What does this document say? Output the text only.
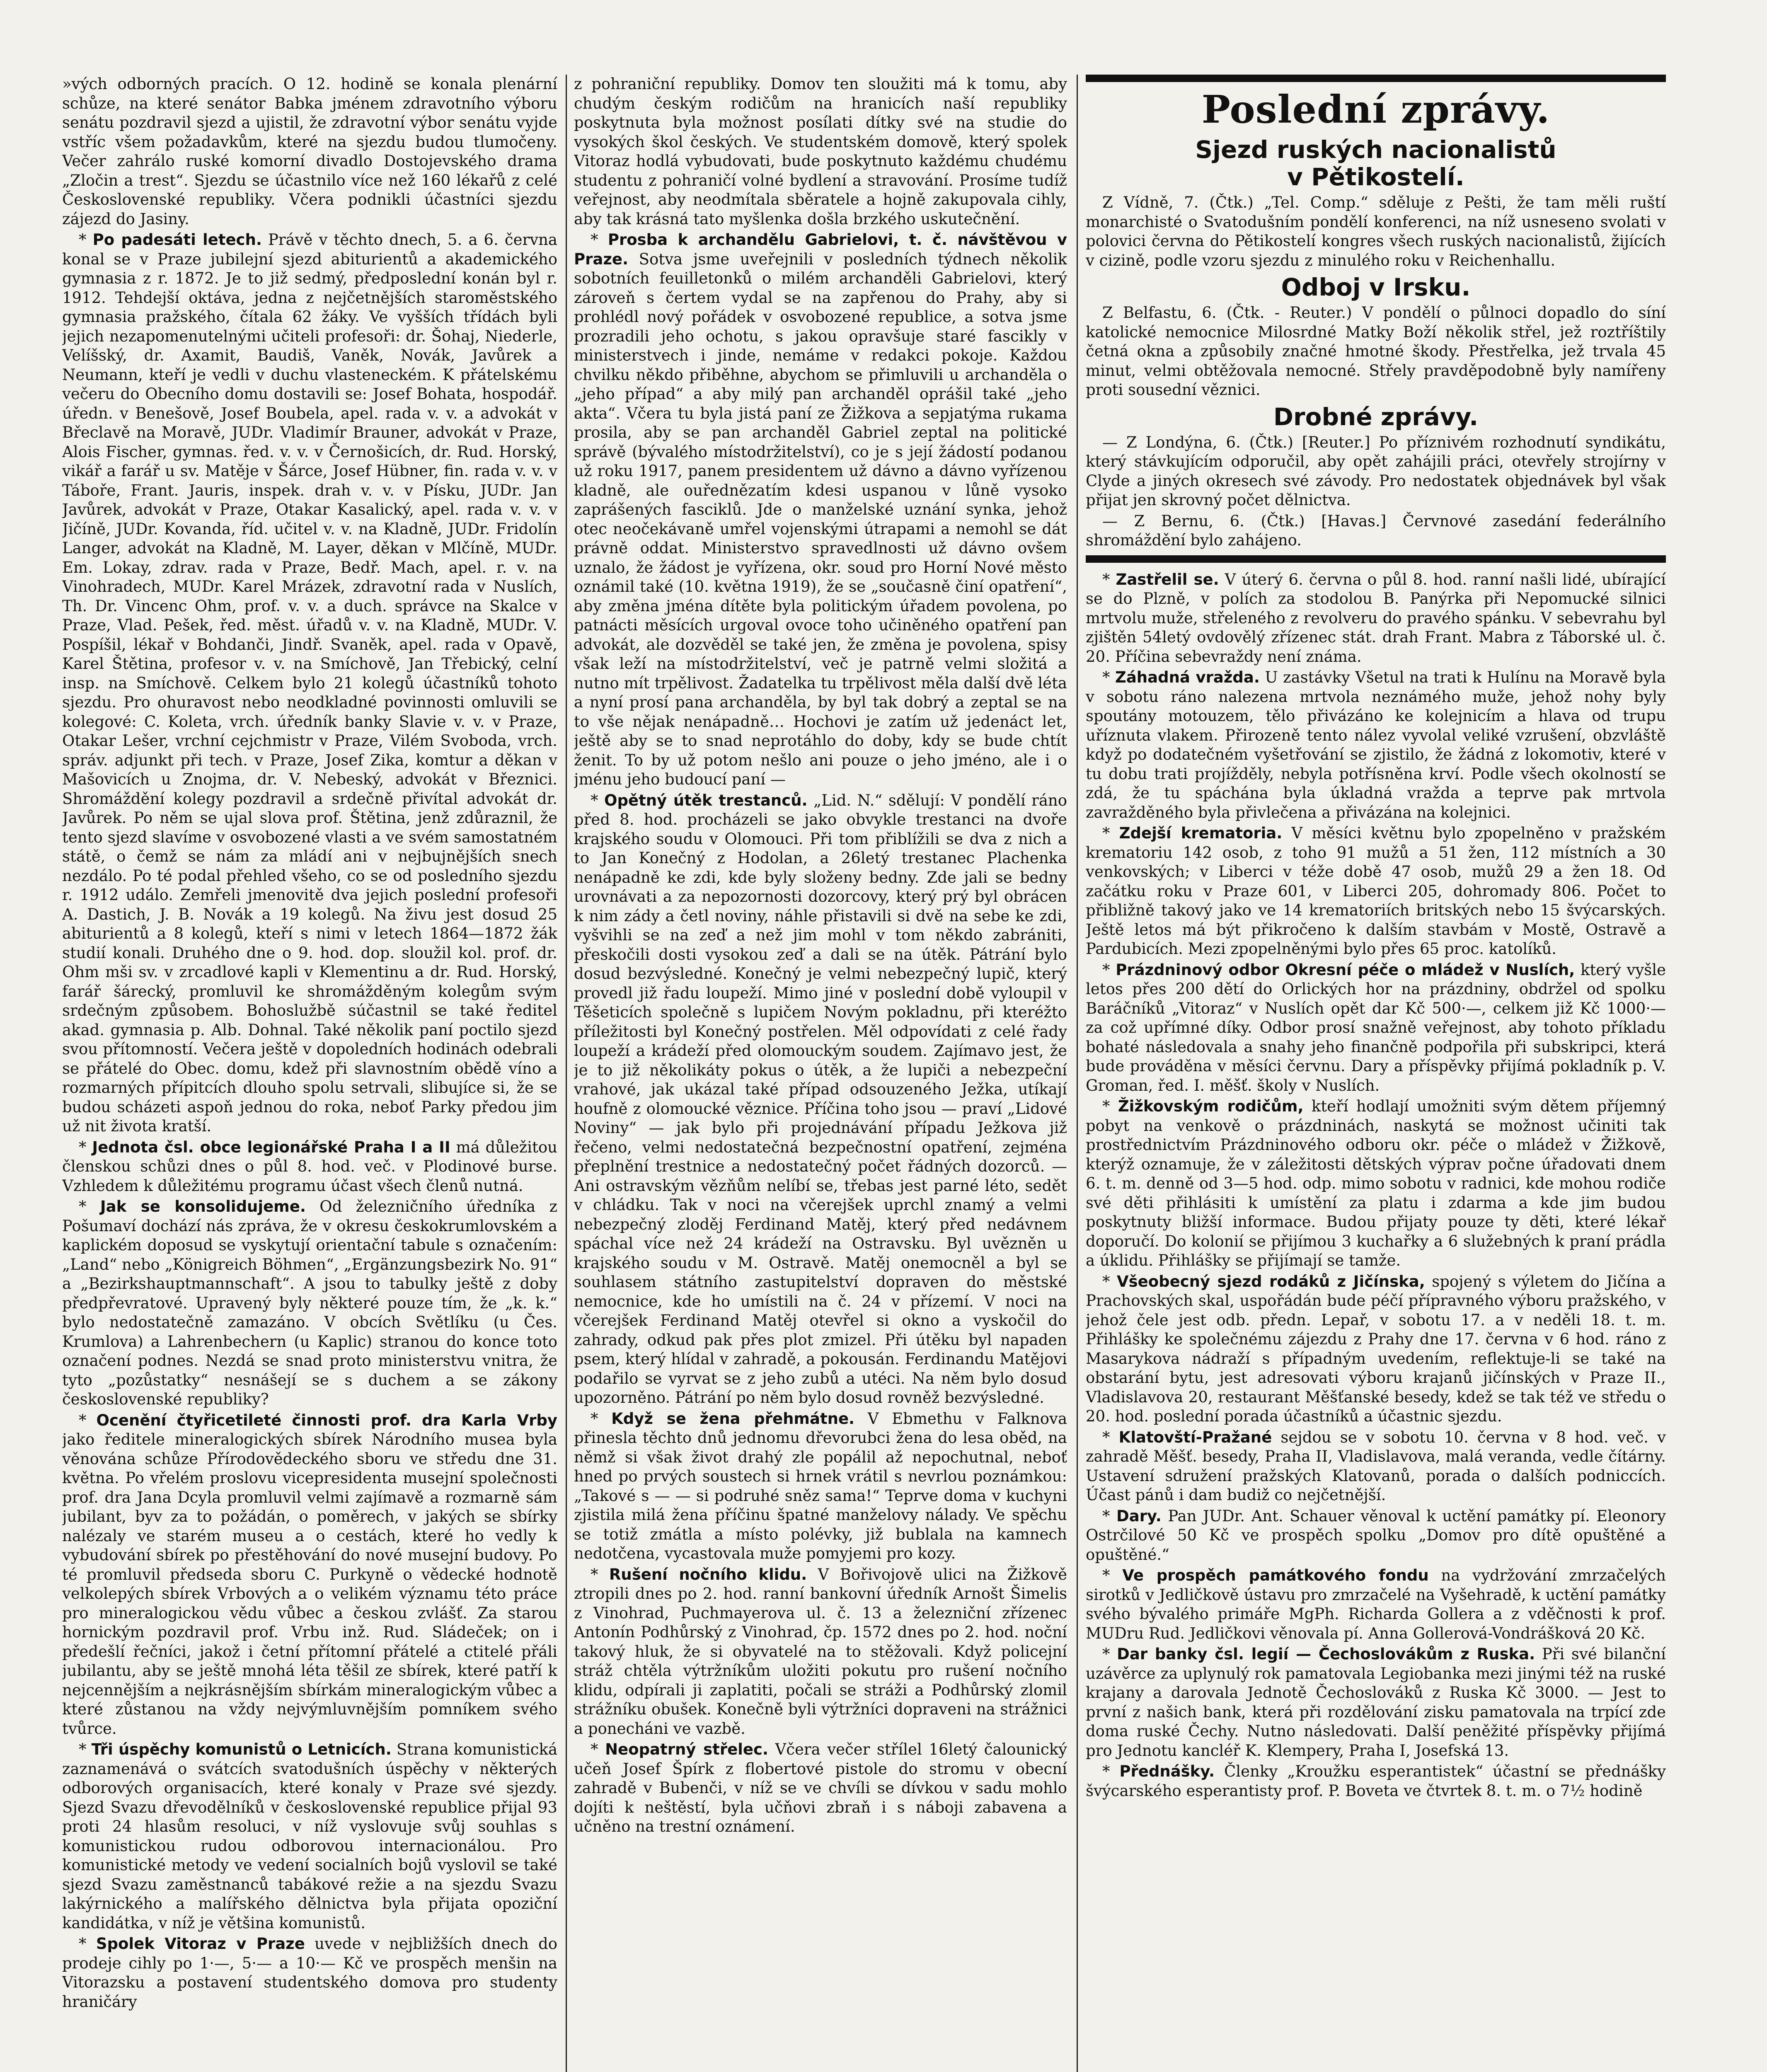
»vých odborných pracích. O 12. hodině se konala plenární schůze, na které senátor Babka jménem zdravotního výboru senátu pozdravil sjezd a ujistil, že zdravotní výbor senátu vyjde vstříc všem požadavkům, které na sjezdu budou tlumočeny. Večer zahrálo ruské komorní divadlo Dostojevského drama „Zločin a trest“. Sjezdu se účastnilo více než 160 lékařů z celé Československé republiky. Včera podnikli účastníci sjezdu zájezd do Jasiny.

* Po padesáti letech. Právě v těchto dnech, 5. a 6. června konal se v Praze jubilejní sjezd abiturientů a akademického gymnasia z r. 1872. Je to již sedmý, předposlední konán byl r. 1912. Tehdejší oktáva, jedna z nejčetnějších staroměstského gymnasia pražského, čítala 62 žáky. Ve vyšších třídách byli jejich nezapomenutelnými učiteli profesoři: dr. Šohaj, Niederle, Velíšský, dr. Axamit, Baudiš, Vaněk, Novák, Javůrek a Neumann, kteří je vedli v duchu vlasteneckém. K přátelskému večeru do Obecního domu dostavili se: Josef Bohata, hospodář. úředn. v Benešově, Josef Boubela, apel. rada v. v. a advokát v Břeclavě na Moravě, JUDr. Vladimír Brauner, advokát v Praze, Alois Fischer, gymnas. řed. v. v. v Černošicích, dr. Rud. Horský, vikář a farář u sv. Matěje v Šárce, Josef Hübner, fin. rada v. v. v Táboře, Frant. Jauris, inspek. drah v. v. v Písku, JUDr. Jan Javůrek, advokát v Praze, Otakar Kasalický, apel. rada v. v. v Jičíně, JUDr. Kovanda, říd. učitel v. v. na Kladně, JUDr. Fridolín Langer, advokát na Kladně, M. Layer, děkan v Mlčíně, MUDr. Em. Lokay, zdrav. rada v Praze, Bedř. Mach, apel. r. v. na Vinohradech, MUDr. Karel Mrázek, zdravotní rada v Nuslích, Th. Dr. Vincenc Ohm, prof. v. v. a duch. správce na Skalce v Praze, Vlad. Pešek, řed. měst. úřadů v. v. na Kladně, MUDr. V. Pospíšil, lékař v Bohdanči, Jindř. Svaněk, apel. rada v Opavě, Karel Štětina, profesor v. v. na Smíchově, Jan Třebický, celní insp. na Smíchově. Celkem bylo 21 kolegů účastníků tohoto sjezdu. Pro ohuravost nebo neodkladné povinnosti omluvili se kolegové: C. Koleta, vrch. úředník banky Slavie v. v. v Praze, Otakar Lešer, vrchní cejchmistr v Praze, Vilém Svoboda, vrch. správ. adjunkt při tech. v Praze, Josef Zika, komtur a děkan v Mašovicích u Znojma, dr. V. Nebeský, advokát v Březnici. Shromáždění kolegy pozdravil a srdečně přivítal advokát dr. Javůrek. Po něm se ujal slova prof. Štětina, jenž zdůraznil, že tento sjezd slavíme v osvobozené vlasti a ve svém samostatném státě, o čemž se nám za mládí ani v nejbujnějších snech nezdálo. Po té podal přehled všeho, co se od posledního sjezdu r. 1912 událo. Zemřeli jmenovitě dva jejich poslední profesoři A. Dastich, J. B. Novák a 19 kolegů. Na živu jest dosud 25 abiturientů a 8 kolegů, kteří s nimi v letech 1864—1872 žák studií konali. Druhého dne o 9. hod. dop. sloužil kol. prof. dr. Ohm mši sv. v zrcadlové kapli v Klementinu a dr. Rud. Horský, farář šárecký, promluvil ke shromážděným kolegům svým srdečným způsobem. Bohoslužbě súčastnil se také ředitel akad. gymnasia p. Alb. Dohnal. Také několik paní poctilo sjezd svou přítomností. Večera ještě v dopoledních hodinách odebrali se přátelé do Obec. domu, kdež při slavnostním obědě víno a rozmarných přípitcích dlouho spolu setrvali, slibujíce si, že se budou scházeti aspoň jednou do roka, neboť Parky předou jim už nit života kratší.

* Jednota čsl. obce legionářské Praha I a II má důležitou členskou schůzi dnes o půl 8. hod. več. v Plodinové burse. Vzhledem k důležitému programu účast všech členů nutná.

* Jak se konsolidujeme. Od železničního úředníka z Pošumaví dochází nás zpráva, že v okresu českokrumlovském a kaplickém doposud se vyskytují orientační tabule s označením: „Land“ nebo „Königreich Böhmen“, „Ergänzungsbezirk No. 91“ a „Bezirkshauptmannschaft“. A jsou to tabulky ještě z doby předpřevratové. Upravený byly některé pouze tím, že „k. k.“ bylo nedostatečně zamazáno. V obcích Světlíku (u Čes. Krumlova) a Lahrenbechern (u Kaplic) stranou do konce toto označení podnes. Nezdá se snad proto ministerstvu vnitra, že tyto „pozůstatky“ nesnášejí se s duchem a se zákony československé republiky?

* Ocenění čtyřicetileté činnosti prof. dra Karla Vrby jako ředitele mineralogických sbírek Národního musea byla věnována schůze Přírodovědeckého sboru ve středu dne 31. května. Po vřelém proslovu vicepresidenta musejní společnosti prof. dra Jana Dcyla promluvil velmi zajímavě a rozmarně sám jubilant, byv za to požádán, o poměrech, v jakých se sbírky nalézaly ve starém museu a o cestách, které ho vedly k vybudování sbírek po přestěhování do nové musejní budovy. Po té promluvil předseda sboru C. Purkyně o vědecké hodnotě velkolepých sbírek Vrbových a o velikém významu této práce pro mineralogickou vědu vůbec a českou zvlášť. Za starou hornickým pozdravil prof. Vrbu inž. Rud. Sládeček; on i předešlí řečníci, jakož i četní přítomní přátelé a ctitelé přáli jubilantu, aby se ještě mnohá léta těšil ze sbírek, které patří k nejcennějším a nejkrásnějším sbírkám mineralogickým vůbec a které zůstanou na vždy nejvýmluvnějším pomníkem svého tvůrce.

* Tři úspěchy komunistů o Letnicích. Strana komunistická zaznamenává o svátcích svatodušních úspěchy v některých odborových organisacích, které konaly v Praze své sjezdy. Sjezd Svazu dřevodělníků v československé republice přijal 93 proti 24 hlasům resoluci, v níž vyslovuje svůj souhlas s komunistickou rudou odborovou internacionálou. Pro komunistické metody ve vedení socialních bojů vyslovil se také sjezd Svazu zaměstnanců tabákové režie a na sjezdu Svazu lakýrnického a malířského dělnictva byla přijata opoziční kandidátka, v níž je většina komunistů.

* Spolek Vitoraz v Praze uvede v nejbližších dnech do prodeje cihly po 1·—, 5·— a 10·— Kč ve prospěch menšin na Vitorazsku a postavení studentského domova pro studenty hraničáry

z pohraniční republiky. Domov ten sloužiti má k tomu, aby chudým českým rodičům na hranicích naší republiky poskytnuta byla možnost posílati dítky své na studie do vysokých škol českých. Ve studentském domově, který spolek Vitoraz hodlá vybudovati, bude poskytnuto každému chudému studentu z pohraničí volné bydlení a stravování. Prosíme tudíž veřejnost, aby neodmítala sběratele a hojně zakupovala cihly, aby tak krásná tato myšlenka došla brzkého uskutečnění.

* Prosba k archandělu Gabrielovi, t. č. návštěvou v Praze. Sotva jsme uveřejnili v posledních týdnech několik sobotních feuilletonků o milém archanděli Gabrielovi, který zároveň s čertem vydal se na zapřenou do Prahy, aby si prohlédl nový pořádek v osvobozené republice, a sotva jsme prozradili jeho ochotu, s jakou opravšuje staré fascikly v ministerstvech i jinde, nemáme v redakci pokoje. Každou chvilku někdo přiběhne, abychom se přimluvili u archanděla o „jeho případ“ a aby milý pan archanděl oprášil také „jeho akta“. Včera tu byla jistá paní ze Žižkova a sepjatýma rukama prosila, aby se pan archanděl Gabriel zeptal na politické správě (bývalého místodržitelství), co je s její žádostí podanou už roku 1917, panem presidentem už dávno a dávno vyřízenou kladně, ale ouřednězatím kdesi uspanou v lůně vysoko zaprášených fasciklů. Jde o manželské uznání synka, jehož otec neočekávaně umřel vojenskými útrapami a nemohl se dát právně oddat. Ministerstvo spravedlnosti už dávno ovšem uznalo, že žádost je vyřízena, okr. soud pro Horní Nové město oznámil také (10. května 1919), že se „současně činí opatření“, aby změna jména dítěte byla politickým úřadem povolena, po patnácti měsících urgoval ovoce toho učiněného opatření pan advokát, ale dozvěděl se také jen, že změna je povolena, spisy však leží na místodržitelství, več je patrně velmi složitá a nutno mít trpělivost. Žadatelka tu trpělivost měla další dvě léta a nyní prosí pana archanděla, by byl tak dobrý a zeptal se na to vše nějak nenápadně… Hochovi je zatím už jedenáct let, ještě aby se to snad neprotáhlo do doby, kdy se bude chtít ženit. To by už potom nešlo ani pouze o jeho jméno, ale i o jménu jeho budoucí paní —

* Opětný útěk trestanců. „Lid. N.“ sdělují: V pondělí ráno před 8. hod. procházeli se jako obvykle trestanci na dvoře krajského soudu v Olomouci. Při tom přiblížili se dva z nich a to Jan Konečný z Hodolan, a 26letý trestanec Plachenka nenápadně ke zdi, kde byly složeny bedny. Zde jali se bedny urovnávati a za nepozornosti dozorcovy, který prý byl obrácen k nim zády a četl noviny, náhle přistavili si dvě na sebe ke zdi, vyšvihli se na zeď a než jim mohl v tom někdo zabrániti, přeskočili dosti vysokou zeď a dali se na útěk. Pátrání bylo dosud bezvýsledné. Konečný je velmi nebezpečný lupič, který provedl již řadu loupeží. Mimo jiné v poslední době vyloupil v Těšeticích společně s lupičem Novým pokladnu, při kteréžto příležitosti byl Konečný postřelen. Měl odpovídati z celé řady loupeží a krádeží před olomouckým soudem. Zajímavo jest, že je to již několikáty pokus o útěk, a že lupiči a nebezpeční vrahové, jak ukázal také případ odsouzeného Ježka, utíkají houfně z olomoucké věznice. Příčina toho jsou — praví „Lidové Noviny“ — jak bylo při projednávání případu Ježkova již řečeno, velmi nedostatečná bezpečnostní opatření, zejména přeplnění trestnice a nedostatečný počet řádných dozorců. — Ani ostravským vězňům nelíbí se, třebas jest parné léto, sedět v chládku. Tak v noci na včerejšek uprchl znamý a velmi nebezpečný zloděj Ferdinand Matěj, který před nedávnem spáchal více než 24 krádeží na Ostravsku. Byl uvězněn u krajského soudu v M. Ostravě. Matěj onemocněl a byl se souhlasem státního zastupitelství dopraven do městské nemocnice, kde ho umístili na č. 24 v přízemí. V noci na včerejšek Ferdinand Matěj otevřel si okno a vyskočil do zahrady, odkud pak přes plot zmizel. Při útěku byl napaden psem, který hlídal v zahradě, a pokousán. Ferdinandu Matějovi podařilo se vyrvat se z jeho zubů a utéci. Na něm bylo dosud upozorněno. Pátrání po něm bylo dosud rovněž bezvýsledné.

* Když se žena přehmátne. V Ebmethu v Falknova přinesla těchto dnů jednomu dřevorubci žena do lesa oběd, na němž si však život drahý zle popálil až nepochutnal, neboť hned po prvých soustech si hrnek vrátil s nevrlou poznámkou: „Takové s — — si podruhé sněz sama!“ Teprve doma v kuchyni zjistila milá žena příčinu špatné manželovy nálady. Ve spěchu se totiž zmátla a místo polévky, již bublala na kamnech nedotčena, vycastovala muže pomyjemi pro kozy.

* Rušení nočního klidu. V Bořivojově ulici na Žižkově ztropili dnes po 2. hod. ranní bankovní úředník Arnošt Šimelis z Vinohrad, Puchmayerova ul. č. 13 a železniční zřízenec Antonín Podhůrský z Vinohrad, čp. 1572 dnes po 2. hod. noční takový hluk, že si obyvatelé na to stěžovali. Když policejní stráž chtěla výtržníkům uložiti pokutu pro rušení nočního klidu, odpírali ji zaplatiti, počali se stráži a Podhůrský zlomil strážníku obušek. Konečně byli výtržníci dopraveni na strážnici a ponecháni ve vazbě.

* Neopatrný střelec. Včera večer střílel 16letý čalounický učeň Josef Špírk z flobertové pistole do stromu v obecní zahradě v Bubenči, v níž se ve chvíli se dívkou v sadu mohlo dojíti k neštěstí, byla učňovi zbraň i s náboji zabavena a učněno na trestní oznámení.

Poslední zprávy.
Sjezd ruských nacionalistů
v Pětikostelí.

Z Vídně, 7. (Čtk.) „Tel. Comp.“ sděluje z Pešti, že tam měli ruští monarchisté o Svatodušním pondělí konferenci, na níž usneseno svolati v polovici června do Pětikostelí kongres všech ruských nacionalistů, žijících v cizině, podle vzoru sjezdu z minulého roku v Reichenhallu.

Odboj v Irsku.

Z Belfastu, 6. (Čtk. - Reuter.) V pondělí o půlnoci dopadlo do síní katolické nemocnice Milosrdné Matky Boží několik střel, jež roztříštily četná okna a způsobily značné hmotné škody. Přestřelka, jež trvala 45 minut, velmi obtěžovala nemocné. Střely pravděpodobně byly namířeny proti sousední věznici.

Drobné zprávy.

— Z Londýna, 6. (Čtk.) [Reuter.] Po příznivém rozhodnutí syndikátu, který stávkujícím odporučil, aby opět zahájili práci, otevřely strojírny v Clyde a jiných okresech své závody. Pro nedostatek objednávek byl však přijat jen skrovný počet dělnictva.

— Z Bernu, 6. (Čtk.) [Havas.] Červnové zasedání federálního shromáždění bylo zahájeno.

* Zastřelil se. V úterý 6. června o půl 8. hod. ranní našli lidé, ubírající se do Plzně, v polích za stodolou B. Panýrka při Nepomucké silnici mrtvolu muže, střeleného z revolveru do pravého spánku. V sebevrahu byl zjištěn 54letý ovdovělý zřízenec stát. drah Frant. Mabra z Táborské ul. č. 20. Příčina sebevraždy není známa.

* Záhadná vražda. U zastávky Všetul na trati k Hulínu na Moravě byla v sobotu ráno nalezena mrtvola neznámého muže, jehož nohy byly spoutány motouzem, tělo přivázáno ke kolejnicím a hlava od trupu uříznuta vlakem. Přirozeně tento nález vyvolal veliké vzrušení, obzvláště když po dodatečném vyšetřování se zjistilo, že žádná z lokomotiv, které v tu dobu trati projížděly, nebyla potřísněna krví. Podle všech okolností se zdá, že tu spáchána byla úkladná vražda a teprve pak mrtvola zavražděného byla přivlečena a přivázána na kolejnici.

* Zdejší krematoria. V měsíci květnu bylo zpopelněno v pražském krematoriu 142 osob, z toho 91 mužů a 51 žen, 112 místních a 30 venkovských; v Liberci v téže době 47 osob, mužů 29 a žen 18. Od začátku roku v Praze 601, v Liberci 205, dohromady 806. Počet to přibližně takový jako ve 14 krematoriích britských nebo 15 švýcarských. Ještě letos má být přikročeno k dalším stavbám v Mostě, Ostravě a Pardubicích. Mezi zpopelněnými bylo přes 65 proc. katolíků.

* Prázdninový odbor Okresní péče o mládež v Nuslích, který vyšle letos přes 200 dětí do Orlických hor na prázdniny, obdržel od spolku Baráčníků „Vitoraz“ v Nuslích opět dar Kč 500·—, celkem již Kč 1000·— za což upřímné díky. Odbor prosí snažně veřejnost, aby tohoto příkladu bohaté následovala a snahy jeho finančně podpořila při subskripci, která bude prováděna v měsíci červnu. Dary a příspěvky přijímá pokladník p. V. Groman, řed. I. měšť. školy v Nuslích.

* Žižkovským rodičům, kteří hodlají umožniti svým dětem příjemný pobyt na venkově o prázdninách, naskytá se možnost učiniti tak prostřednictvím Prázdninového odboru okr. péče o mládež v Žižkově, kterýž oznamuje, že v záležitosti dětských výprav počne úřadovati dnem 6. t. m. denně od 3—5 hod. odp. mimo sobotu v radnici, kde mohou rodiče své děti přihlásiti k umístění za platu i zdarma a kde jim budou poskytnuty bližší informace. Budou přijaty pouze ty děti, které lékař doporučí. Do kolonií se přijímou 3 kuchařky a 6 služebných k praní prádla a úklidu. Přihlášky se přijímají se tamže.

* Všeobecný sjezd rodáků z Jičínska, spojený s výletem do Jičína a Prachovských skal, uspořádán bude péčí přípravného výboru pražského, v jehož čele jest odb. předn. Lepař, v sobotu 17. a v neděli 18. t. m. Přihlášky ke společnému zájezdu z Prahy dne 17. června v 6 hod. ráno z Masarykova nádraží s případným uvedením, reflektuje-li se také na obstarání bytu, jest adresovati výboru krajanů jičínských v Praze II., Vladislavova 20, restaurant Měšťanské besedy, kdež se tak též ve středu o 20. hod. poslední porada účastníků a účastnic sjezdu.

* Klatovští-Pražané sejdou se v sobotu 10. června v 8 hod. več. v zahradě Měšť. besedy, Praha II, Vladislavova, malá veranda, vedle čítárny. Ustavení sdružení pražských Klatovanů, porada o dalších podniccích. Účast pánů i dam budiž co nejčetnější.

* Dary. Pan JUDr. Ant. Schauer věnoval k uctění památky pí. Eleonory Ostrčilové 50 Kč ve prospěch spolku „Domov pro dítě opuštěné a opuštěné.“

* Ve prospěch památkového fondu na vydržování zmrzačelých sirotků v Jedličkově ústavu pro zmrzačelé na Vyšehradě, k uctění památky svého bývalého primáře MgPh. Richarda Gollera a z vděčnosti k prof. MUDru Rud. Jedličkovi věnovala pí. Anna Gollerová-Vondrášková 20 Kč.

* Dar banky čsl. legií — Čechoslovákům z Ruska. Při své bilanční uzávěrce za uplynulý rok pamatovala Legiobanka mezi jinými též na ruské krajany a darovala Jednotě Čechoslováků z Ruska Kč 3000. — Jest to první z našich bank, která při rozdělování zisku pamatovala na trpící zde doma ruské Čechy. Nutno následovati. Další peněžité příspěvky přijímá pro Jednotu kancléř K. Klempery, Praha I, Josefská 13.

* Přednášky. Členky „Kroužku esperantistek“ účastní se přednášky švýcarského esperantisty prof. P. Boveta ve čtvrtek 8. t. m. o 7½ hodině
